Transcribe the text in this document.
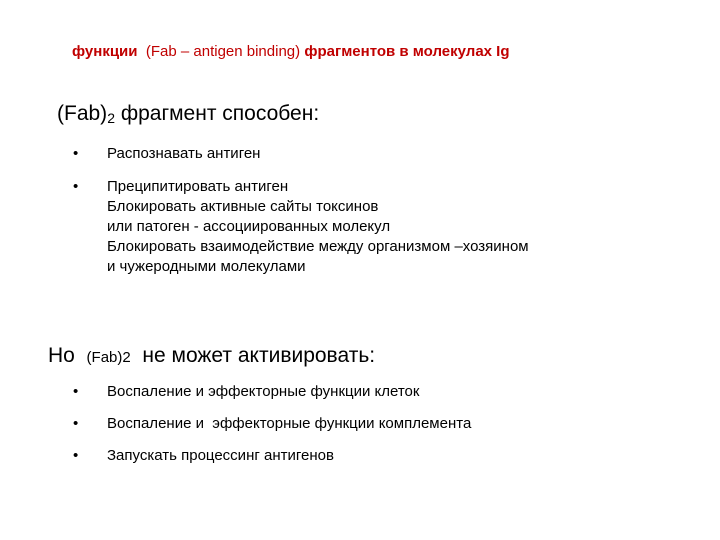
функции (Fab – antigen binding) фрагментов в молекулах Ig
$(Fab)_2$ фрагмент способен:
• Распознавать антиген
• Преципитировать антиген
Блокировать активные сайты токсинов
или патоген - ассоциированных молекул
Блокировать взаимодействие между организмом –хозяином
и чужеродными молекулами
Но (Fab)2 не может активировать:
• Воспаление и эффекторные функции клеток
• Воспаление и  эффекторные функции комплемента
• Запускать процессинг антигенов
